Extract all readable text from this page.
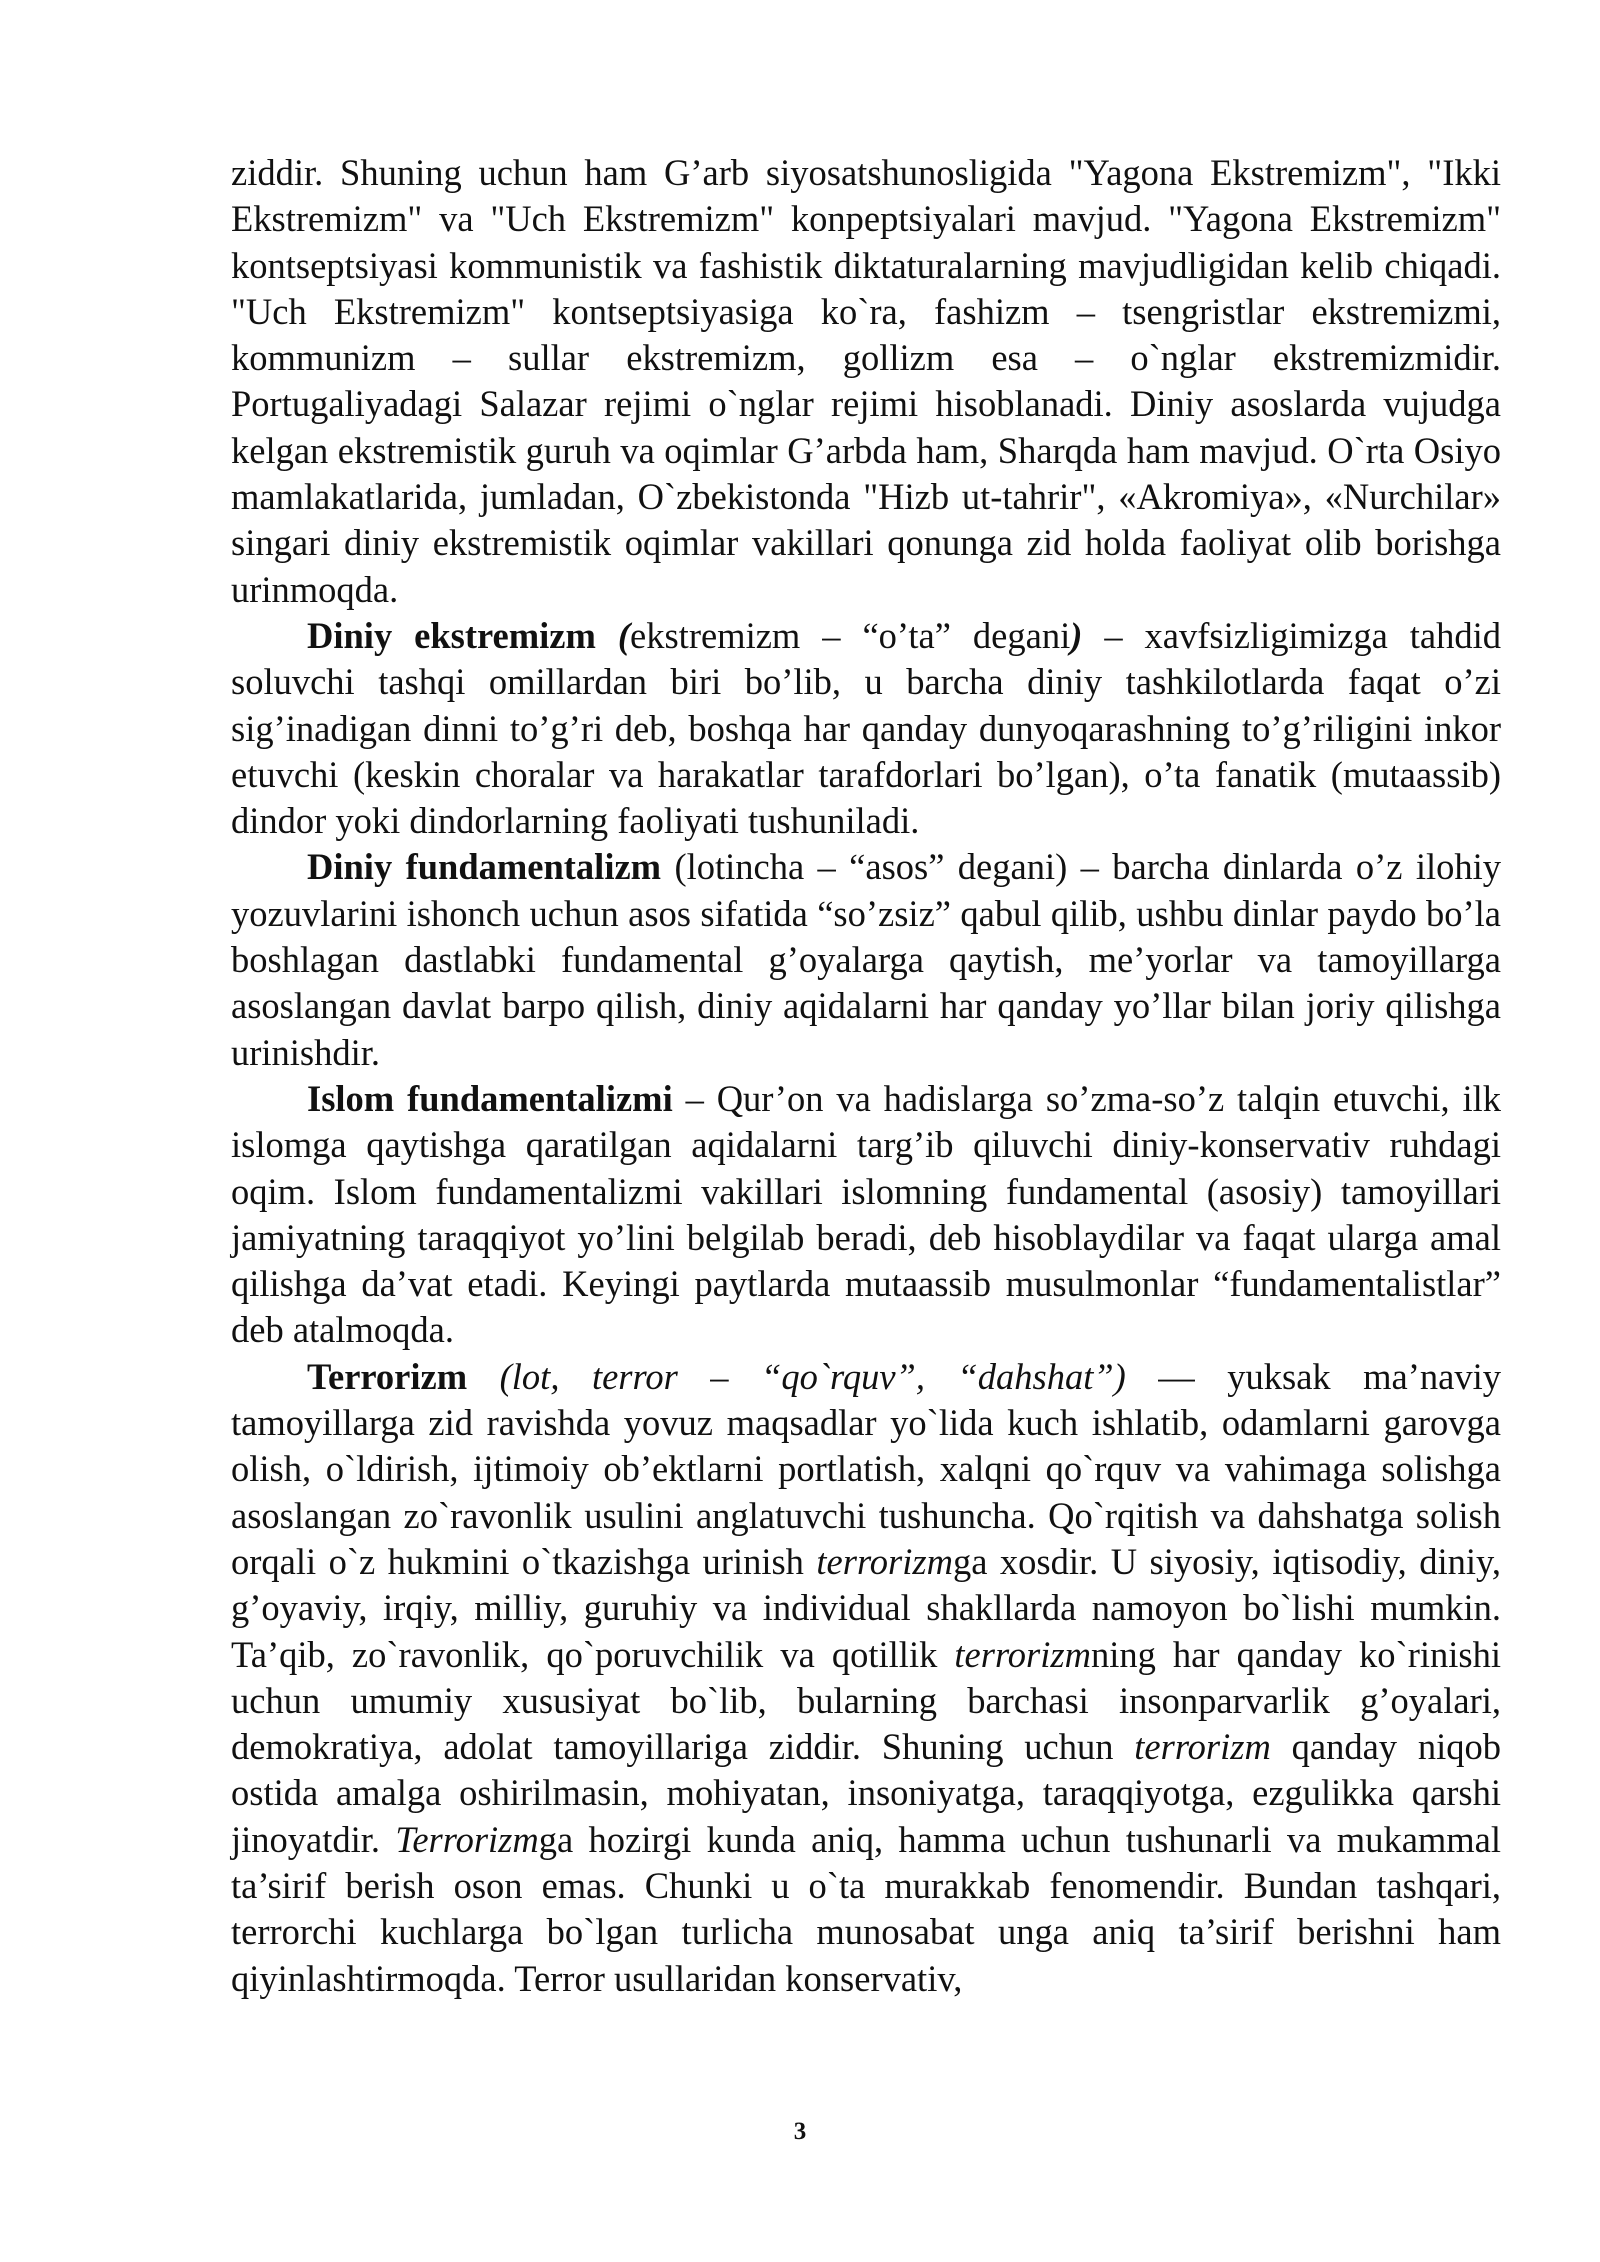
ziddir. Shuning uchun ham G’arb siyosatshunosligida "Yagona Ekstremizm", "Ikki Ekstremizm" va "Uch Ekstremizm" konpeptsiyalari mavjud. "Yagona Ekstremizm" kontseptsiyasi kommunistik va fashistik diktaturalarning mavjudligidan kelib chiqadi. "Uch Ekstremizm" kontseptsiyasiga ko`ra, fashizm – tsengristlar ekstremizmi, kommunizm – sullar ekstremizm, gollizm esa – o`nglar ekstremizmidir. Portugaliyadagi Salazar rejimi o`nglar rejimi hisoblanadi. Diniy asoslarda vujudga kelgan ekstremistik guruh va oqimlar G’arbda ham, Sharqda ham mavjud. O`rta Osiyo mamlakatlarida, jumladan, O`zbekistonda "Hizb ut-tahrir", «Akromiya», «Nurchilar» singari diniy ekstremistik oqimlar vakillari qonunga zid holda faoliyat olib borishga urinmoqda.

Diniy ekstremizm (ekstremizm – “o’ta” degani) – xavfsizligimizga tahdid soluvchi tashqi omillardan biri bo’lib, u barcha diniy tashkilotlarda faqat o’zi sig’inadigan dinni to’g’ri deb, boshqa har qanday dunyoqarashning to’g’riligini inkor etuvchi (keskin choralar va harakatlar tarafdorlari bo’lgan), o’ta fanatik (mutaassib) dindor yoki dindorlarning faoliyati tushuniladi.

Diniy fundamentalizm (lotincha – “asos” degani) – barcha dinlarda o’z ilohiy yozuvlarini ishonch uchun asos sifatida “so’zsiz” qabul qilib, ushbu dinlar paydo bo’la boshlagan dastlabki fundamental g’oyalarga qaytish, me’yorlar va tamoyillarga asoslangan davlat barpo qilish, diniy aqidalarni har qanday yo’llar bilan joriy qilishga urinishdir.

Islom fundamentalizmi – Qur’on va hadislarga so’zma-so’z talqin etuvchi, ilk islomga qaytishga qaratilgan aqidalarni targ’ib qiluvchi diniy-konservativ ruhdagi oqim. Islom fundamentalizmi vakillari islomning fundamental (asosiy) tamoyillari jamiyatning taraqqiyot yo’lini belgilab beradi, deb hisoblaydilar va faqat ularga amal qilishga da’vat etadi. Keyingi paytlarda mutaassib musulmonlar “fundamentalistlar” deb atalmoqda.

Terrorizm (lot, terror – “qo`rquv”, “dahshat”) — yuksak ma’naviy tamoyillarga zid ravishda yovuz maqsadlar yo`lida kuch ishlatib, odamlarni garovga olish, o`ldirish, ijtimoiy ob’ektlarni portlatish, xalqni qo`rquv va vahimaga solishga asoslangan zo`ravonlik usulini anglatuvchi tushuncha. Qo`rqitish va dahshatga solish orqali o`z hukmini o`tkazishga urinish terrorizmga xosdir. U siyosiy, iqtisodiy, diniy, g’oyaviy, irqiy, milliy, guruhiy va individual shakllarda namoyon bo`lishi mumkin. Ta’qib, zo`ravonlik, qo`poruvchilik va qotillik terrorizmning har qanday ko`rinishi uchun umumiy xususiyat bo`lib, bularning barchasi insonparvarlik g’oyalari, demokratiya, adolat tamoyillariga ziddir. Shuning uchun terrorizm qanday niqob ostida amalga oshirilmasin, mohiyatan, insoniyatga, taraqqiyotga, ezgulikka qarshi jinoyatdir. Terrorizmga hozirgi kunda aniq, hamma uchun tushunarli va mukammal ta’sirif berish oson emas. Chunki u o`ta murakkab fenomendir. Bundan tashqari, terrorchi kuchlarga bo`lgan turlicha munosabat unga aniq ta’sirif berishni ham qiyinlashtirmoqda. Terror usullaridan konservativ,

3
